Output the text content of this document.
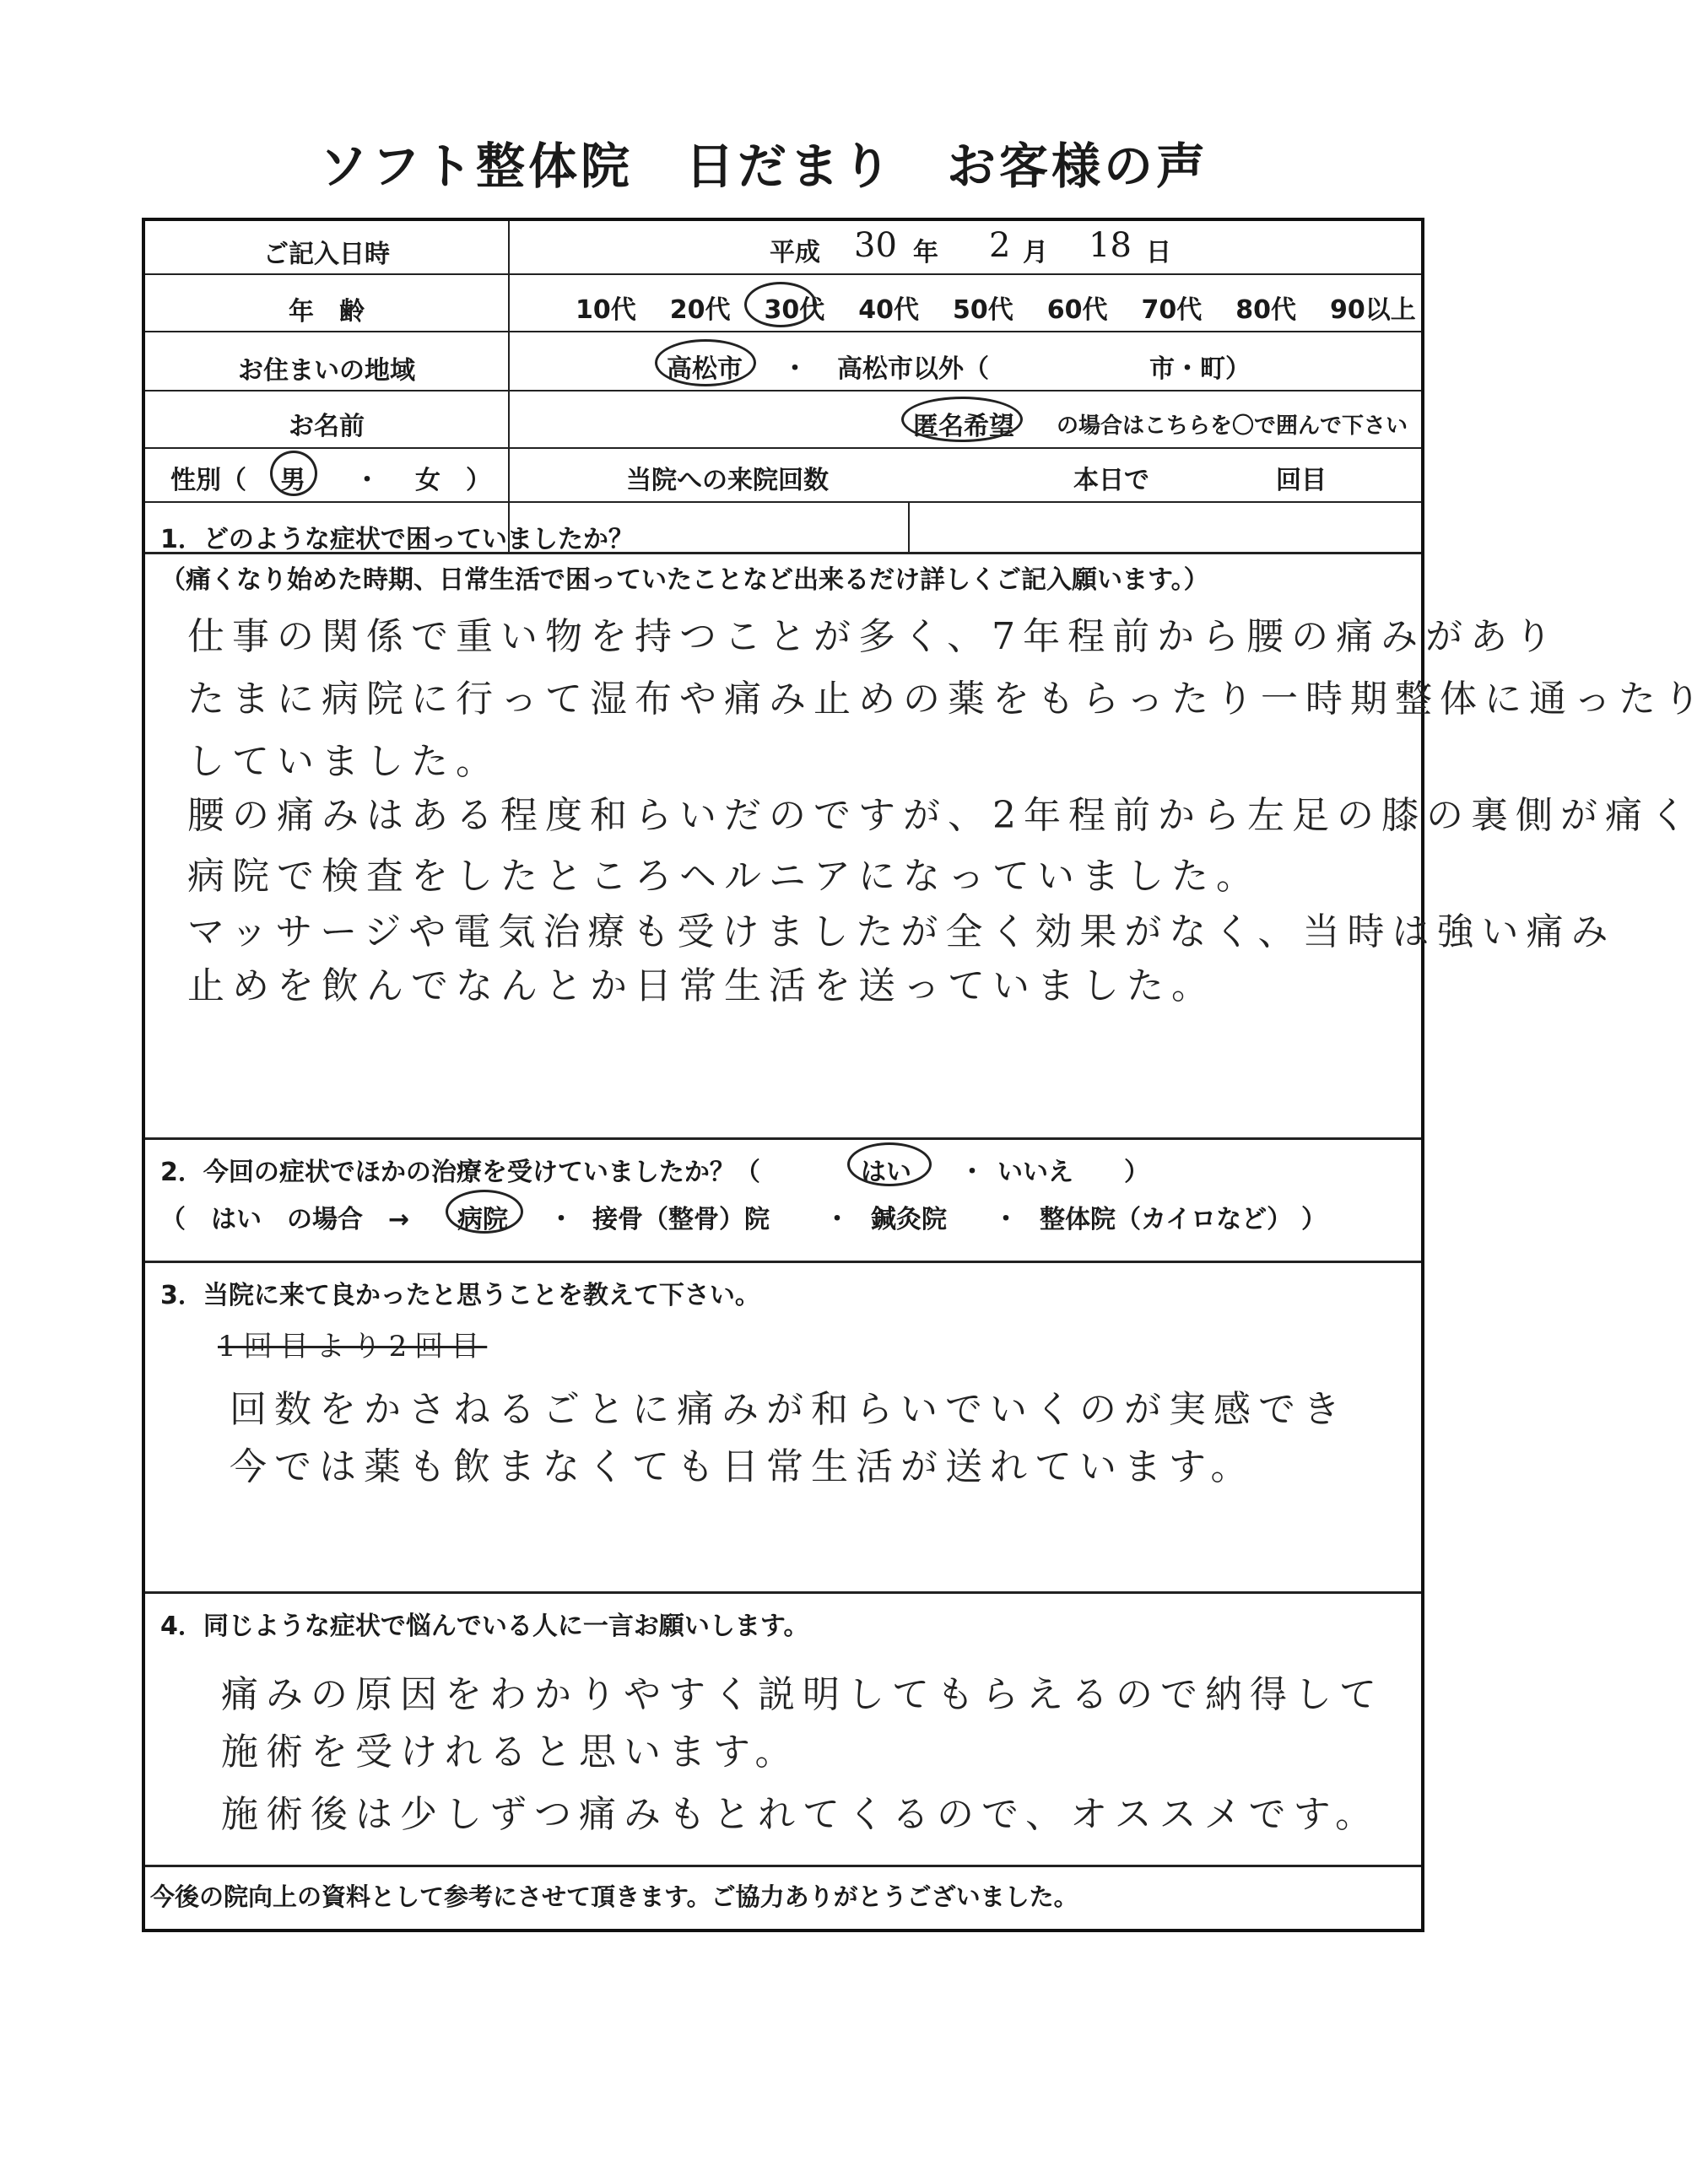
ソフト整体院　日だまり　お客様の声
ご記入日時	平成 30 年 2 月 18 日
年　齢	10代 20代 30代 40代 50代 60代 70代 80代 90以上
お住まいの地域	高松市 ・ 高松市以外（	市・町）
お名前	匿名希望 の場合はこちらを〇で囲んで下さい
性別（ 男 ・ 女 ）	当院への来院回数	本日で	回目
1．どのような症状で困っていましたか？
（痛くなり始めた時期、日常生活で困っていたことなど出来るだけ詳しくご記入願います。）
仕事の関係で重い物を持つことが多く、7年程前から腰の痛みがあり
たまに病院に行って湿布や痛み止めの薬をもらったり一時期整体に通ったり
していました。
腰の痛みはある程度和らいだのですが、2年程前から左足の膝の裏側が痛く
病院で検査をしたところヘルニアになっていました。
マッサージや電気治療も受けましたが全く効果がなく、当時は強い痛み
止めを飲んでなんとか日常生活を送っていました。
2．今回の症状でほかの治療を受けていましたか？（	はい ・ いいえ ）
（　はい　の場合　→ 病院 ・ 接骨（整骨）院 ・ 鍼灸院 ・ 整体院（カイロなど） ）
3．当院に来て良かったと思うことを教えて下さい。
1回目より2回目
回数をかさねるごとに痛みが和らいでいくのが実感でき
今では薬も飲まなくても日常生活が送れています。
4．同じような症状で悩んでいる人に一言お願いします。
痛みの原因をわかりやすく説明してもらえるので納得して
施術を受けれると思います。
施術後は少しずつ痛みもとれてくるので、オススメです。
今後の院向上の資料として参考にさせて頂きます。ご協力ありがとうございました。
